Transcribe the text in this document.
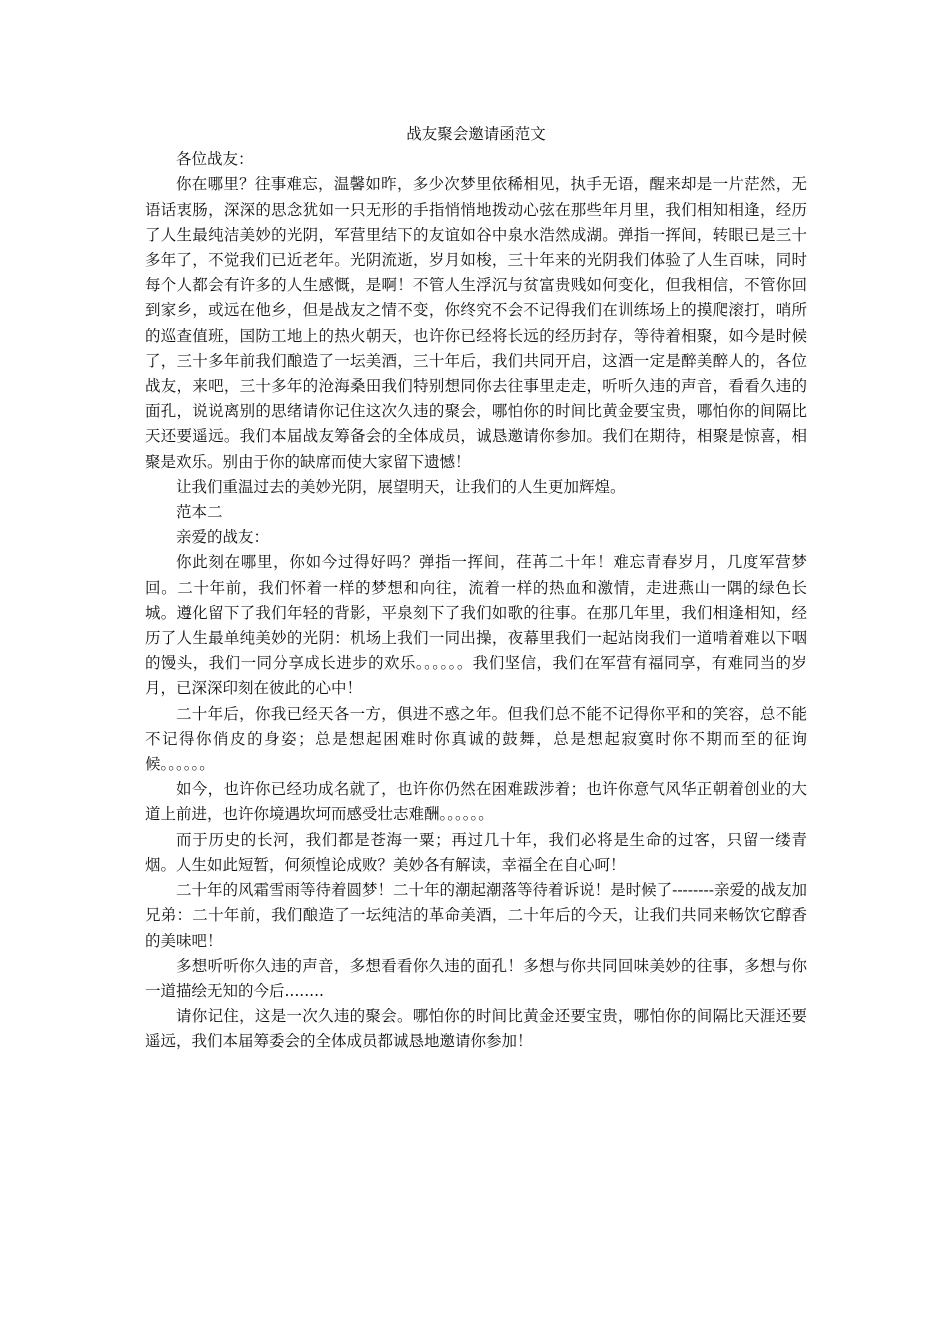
战友聚会邀请函范文

各位战友：

你在哪里？往事难忘，温馨如昨，多少次梦里依稀相见，执手无语，醒来却是一片茫然，无语话衷肠，深深的思念犹如一只无形的手指悄悄地拨动心弦在那些年月里，我们相知相逢，经历了人生最纯洁美妙的光阴，军营里结下的友谊如谷中泉水浩然成湖。弹指一挥间，转眼已是三十多年了，不觉我们已近老年。光阴流逝，岁月如梭，三十年来的光阴我们体验了人生百味，同时每个人都会有许多的人生感慨，是啊！不管人生浮沉与贫富贵贱如何变化，但我相信，不管你回到家乡，或远在他乡，但是战友之情不变，你终究不会不记得我们在训练场上的摸爬滚打，哨所的巡查值班，国防工地上的热火朝天，也许你已经将长远的经历封存，等待着相聚，如今是时候了，三十多年前我们酿造了一坛美酒，三十年后，我们共同开启，这酒一定是醉美醉人的，各位战友，来吧，三十多年的沧海桑田我们特别想同你去往事里走走，听听久违的声音，看看久违的面孔，说说离别的思绪请你记住这次久违的聚会，哪怕你的时间比黄金要宝贵，哪怕你的间隔比天还要遥远。我们本届战友筹备会的全体成员，诚恳邀请你参加。我们在期待，相聚是惊喜，相聚是欢乐。别由于你的缺席而使大家留下遗憾！

让我们重温过去的美妙光阴，展望明天，让我们的人生更加辉煌。

范本二

亲爱的战友：

你此刻在哪里，你如今过得好吗？弹指一挥间，荏苒二十年！难忘青春岁月，几度军营梦回。二十年前，我们怀着一样的梦想和向往，流着一样的热血和激情，走进燕山一隅的绿色长城。遵化留下了我们年轻的背影，平泉刻下了我们如歌的往事。在那几年里，我们相逢相知，经历了人生最单纯美妙的光阴：机场上我们一同出操，夜幕里我们一起站岗我们一道啃着难以下咽的馒头，我们一同分享成长进步的欢乐。。。。。。我们坚信，我们在军营有福同享，有难同当的岁月，已深深印刻在彼此的心中！

二十年后，你我已经天各一方，俱进不惑之年。但我们总不能不记得你平和的笑容，总不能不记得你俏皮的身姿；总是想起困难时你真诚的鼓舞，总是想起寂寞时你不期而至的征询候。。。。。。

如今，也许你已经功成名就了，也许你仍然在困难跋涉着；也许你意气风华正朝着创业的大道上前进，也许你境遇坎坷而感受壮志难酬。。。。。。

而于历史的长河，我们都是苍海一粟；再过几十年，我们必将是生命的过客，只留一缕青烟。人生如此短暂，何须惶论成败？美妙各有解读，幸福全在自心呵！

二十年的风霜雪雨等待着圆梦！二十年的潮起潮落等待着诉说！是时候了--------亲爱的战友加兄弟：二十年前，我们酿造了一坛纯洁的革命美酒，二十年后的今天，让我们共同来畅饮它醇香的美味吧！

多想听听你久违的声音，多想看看你久违的面孔！多想与你共同回味美妙的往事，多想与你一道描绘无知的今后........

请你记住，这是一次久违的聚会。哪怕你的时间比黄金还要宝贵，哪怕你的间隔比天涯还要遥远，我们本届筹委会的全体成员都诚恳地邀请你参加！
